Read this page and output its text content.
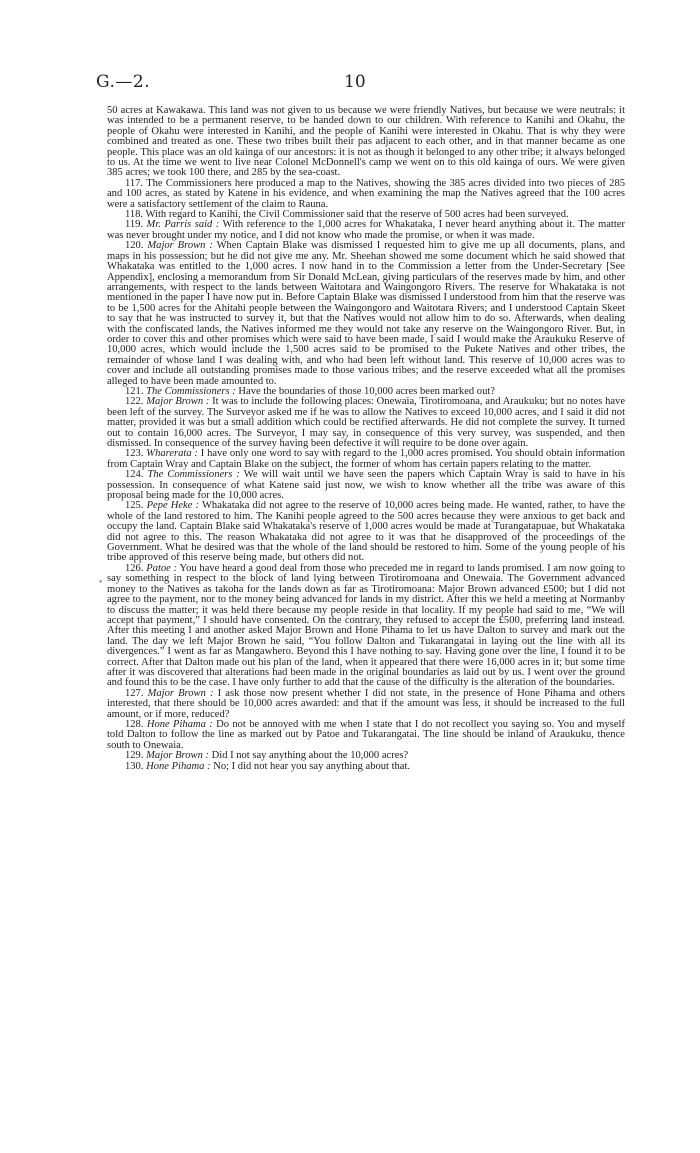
G.—2.	10

50 acres at Kawakawa. This land was not given to us because we were friendly Natives, but because we were neutrals: it was intended to be a permanent reserve, to be handed down to our children. With reference to Kanihi and Okahu, the people of Okahu were interested in Kanihi, and the people of Kanihi were interested in Okahu. That is why they were combined and treated as one. These two tribes built their pas adjacent to each other, and in that manner became as one people. This place was an old kainga of our ancestors: it is not as though it belonged to any other tribe; it always belonged to us. At the time we went to live near Colonel McDonnell's camp we went on to this old kainga of ours. We were given 385 acres; we took 100 there, and 285 by the sea-coast.

117. The Commissioners here produced a map to the Natives, showing the 385 acres divided into two pieces of 285 and 100 acres, as stated by Katene in his evidence, and when examining the map the Natives agreed that the 100 acres were a satisfactory settlement of the claim to Rauna.

118. With regard to Kanihi, the Civil Commissioner said that the reserve of 500 acres had been surveyed.

119. Mr. Parris said : With reference to the 1,000 acres for Whakataka, I never heard anything about it. The matter was never brought under my notice, and I did not know who made the promise, or when it was made.

120. Major Brown : When Captain Blake was dismissed I requested him to give me up all documents, plans, and maps in his possession; but he did not give me any. Mr. Sheehan showed me some document which he said showed that Whakataka was entitled to the 1,000 acres. I now hand in to the Commission a letter from the Under-Secretary [See Appendix], enclosing a memorandum from Sir Donald McLean, giving particulars of the reserves made by him, and other arrangements, with respect to the lands between Waitotara and Waingongoro Rivers. The reserve for Whakataka is not mentioned in the paper I have now put in. Before Captain Blake was dismissed I understood from him that the reserve was to be 1,500 acres for the Ahitahi people between the Waingongoro and Waitotara Rivers; and I understood Captain Skeet to say that he was instructed to survey it, but that the Natives would not allow him to do so. Afterwards, when dealing with the confiscated lands, the Natives informed me they would not take any reserve on the Waingongoro River. But, in order to cover this and other promises which were said to have been made, I said I would make the Araukuku Reserve of 10,000 acres, which would include the 1,500 acres said to be promised to the Pukete Natives and other tribes, the remainder of whose land I was dealing with, and who had been left without land. This reserve of 10,000 acres was to cover and include all outstanding promises made to those various tribes; and the reserve exceeded what all the promises alleged to have been made amounted to.

121. The Commissioners : Have the boundaries of those 10,000 acres been marked out?

122. Major Brown : It was to include the following places: Onewaia, Tirotiromoana, and Araukuku; but no notes have been left of the survey. The Surveyor asked me if he was to allow the Natives to exceed 10,000 acres, and I said it did not matter, provided it was but a small addition which could be rectified afterwards. He did not complete the survey. It turned out to contain 16,000 acres. The Surveyor, I may say, in consequence of this very survey, was suspended, and then dismissed. In consequence of the survey having been defective it will require to be done over again.

123. Wharerata : I have only one word to say with regard to the 1,000 acres promised. You should obtain information from Captain Wray and Captain Blake on the subject, the former of whom has certain papers relating to the matter.

124. The Commissioners : We will wait until we have seen the papers which Captain Wray is said to have in his possession. In consequence of what Katene said just now, we wish to know whether all the tribe was aware of this proposal being made for the 10,000 acres.

125. Pepe Heke : Whakataka did not agree to the reserve of 10,000 acres being made. He wanted, rather, to have the whole of the land restored to him. The Kanihi people agreed to the 500 acres because they were anxious to get back and occupy the land. Captain Blake said Whakataka's reserve of 1,000 acres would be made at Turangatapuae, but Whakataka did not agree to this. The reason Whakataka did not agree to it was that he disapproved of the proceedings of the Government. What he desired was that the whole of the land should be restored to him. Some of the young people of his tribe approved of this reserve being made, but others did not.

126. Patoe : You have heard a good deal from those who preceded me in regard to lands promised. I am now going to say something in respect to the block of land lying between Tirotiromoana and Onewaia. The Government advanced money to the Natives as takoha for the lands down as far as Tirotiromoana: Major Brown advanced £500; but I did not agree to the payment, nor to the money being advanced for lands in my district. After this we held a meeting at Normanby to discuss the matter; it was held there because my people reside in that locality. If my people had said to me, “We will accept that payment,” I should have consented. On the contrary, they refused to accept the £500, preferring land instead. After this meeting I and another asked Major Brown and Hone Pihama to let us have Dalton to survey and mark out the land. The day we left Major Brown he said, “You follow Dalton and Tukarangatai in laying out the line with all its divergences.” I went as far as Mangawhero. Beyond this I have nothing to say. Having gone over the line, I found it to be correct. After that Dalton made out his plan of the land, when it appeared that there were 16,000 acres in it; but some time after it was discovered that alterations had been made in the original boundaries as laid out by us. I went over the ground and found this to be the case. I have only further to add that the cause of the difficulty is the alteration of the boundaries.

127. Major Brown : I ask those now present whether I did not state, in the presence of Hone Pihama and others interested, that there should be 10,000 acres awarded: and that if the amount was less, it should be increased to the full amount, or if more, reduced?

128. Hone Pihama : Do not be annoyed with me when I state that I do not recollect you saying so. You and myself told Dalton to follow the line as marked out by Patoe and Tukarangatai. The line should be inland of Araukuku, thence south to Onewaia.

129. Major Brown : Did I not say anything about the 10,000 acres?

130. Hone Pihama : No; I did not hear you say anything about that.

•
